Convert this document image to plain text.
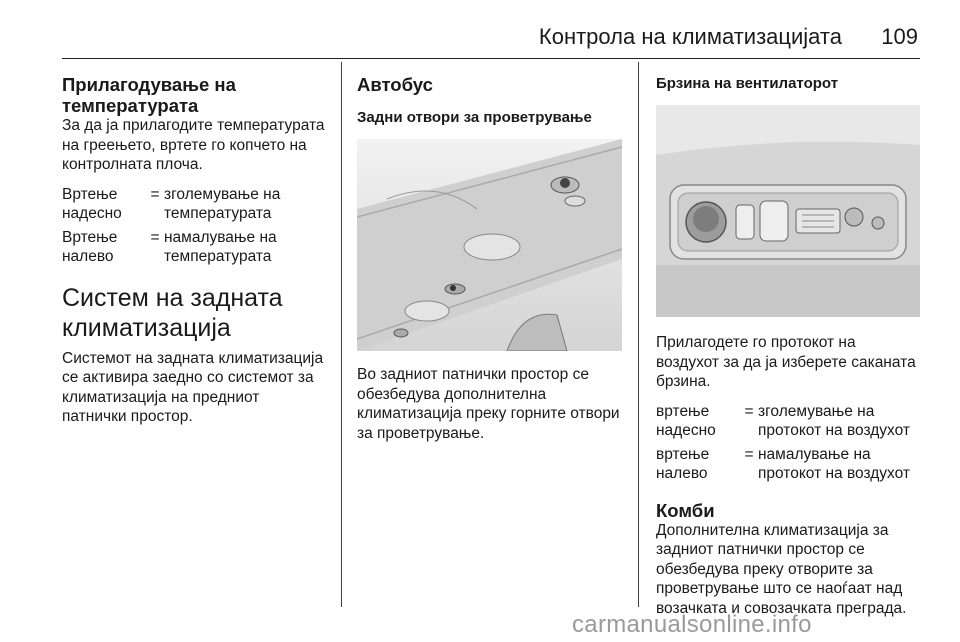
Контрола на климатизацијата 109
Прилагодување на температурата

За да ја прилагодите температурата на греењето, вртете го копчето на контролната плоча.

Вртење надесно
= зголемување на температурата
Вртење налево
= намалување на температурата
Систем на задната климатизација

Системот на задната климатизација се активира заедно со системот за климатизација на предниот патнички простор.

Автобус
Задни отвори за проветрување

Во задниот патнички простор се обезбедува дополнителна климатизација преку горните отвори за проветрување.

Брзина на вентилаторот

Прилагодете го протокот на воздухот за да ја изберете саканата брзина.

вртење надесно
= зголемување на протокот на воздухот
вртење налево
= намалување на протокот на воздухот
Комби

Дополнителна климатизација за задниот патнички простор се обезбедува преку отворите за проветрување што се наоѓаат над возачката и совозачката преграда.

carmanualsonline.info
